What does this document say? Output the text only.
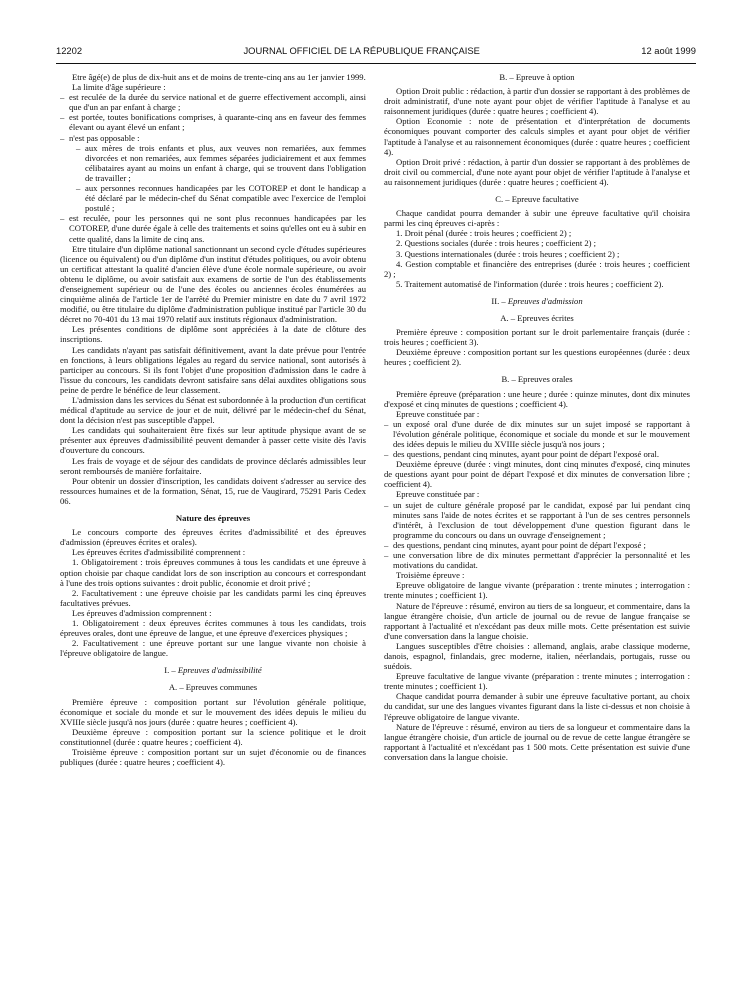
12202	JOURNAL OFFICIEL DE LA RÉPUBLIQUE FRANÇAISE	12 août 1999

Etre âgé(e) de plus de dix-huit ans et de moins de trente-cinq ans au 1er janvier 1999.

La limite d'âge supérieure :

– est reculée de la durée du service national et de guerre effectivement accompli, ainsi que d'un an par enfant à charge ;
– est portée, toutes bonifications comprises, à quarante-cinq ans en faveur des femmes élevant ou ayant élevé un enfant ;
– n'est pas opposable :
– aux mères de trois enfants et plus, aux veuves non remariées, aux femmes divorcées et non remariées, aux femmes séparées judiciairement et aux femmes célibataires ayant au moins un enfant à charge, qui se trouvent dans l'obligation de travailler ;
– aux personnes reconnues handicapées par les COTOREP et dont le handicap a été déclaré par le médecin-chef du Sénat compatible avec l'exercice de l'emploi postulé ;
– est reculée, pour les personnes qui ne sont plus reconnues handicapées par les COTOREP, d'une durée égale à celle des traitements et soins qu'elles ont eu à subir en cette qualité, dans la limite de cinq ans.

Etre titulaire d'un diplôme national sanctionnant un second cycle d'études supérieures (licence ou équivalent) ou d'un diplôme d'un institut d'études politiques, ou avoir obtenu un certificat attestant la qualité d'ancien élève d'une école normale supérieure, ou avoir obtenu le diplôme, ou avoir satisfait aux examens de sortie de l'un des établissements d'enseignement supérieur ou de l'une des écoles ou anciennes écoles énumérées au cinquième alinéa de l'article 1er de l'arrêté du Premier ministre en date du 7 avril 1972 modifié, ou être titulaire du diplôme d'administration publique institué par l'article 30 du décret no 70-401 du 13 mai 1970 relatif aux instituts régionaux d'administration.

Les présentes conditions de diplôme sont appréciées à la date de clôture des inscriptions.

Les candidats n'ayant pas satisfait définitivement, avant la date prévue pour l'entrée en fonctions, à leurs obligations légales au regard du service national, sont autorisés à participer au concours. Si ils font l'objet d'une proposition d'admission dans le cadre à l'issue du concours, les candidats devront satisfaire sans délai auxdites obligations sous peine de perdre le bénéfice de leur classement.

L'admission dans les services du Sénat est subordonnée à la production d'un certificat médical d'aptitude au service de jour et de nuit, délivré par le médecin-chef du Sénat, dont la décision n'est pas susceptible d'appel.

Les candidats qui souhaiteraient être fixés sur leur aptitude physique avant de se présenter aux épreuves d'admissibilité peuvent demander à passer cette visite dès l'avis d'ouverture du concours.

Les frais de voyage et de séjour des candidats de province déclarés admissibles leur seront remboursés de manière forfaitaire.

Pour obtenir un dossier d'inscription, les candidats doivent s'adresser au service des ressources humaines et de la formation, Sénat, 15, rue de Vaugirard, 75291 Paris Cedex 06.

Nature des épreuves

Le concours comporte des épreuves écrites d'admissibilité et des épreuves d'admission (épreuves écrites et orales).

Les épreuves écrites d'admissibilité comprennent :

1. Obligatoirement : trois épreuves communes à tous les candidats et une épreuve à option choisie par chaque candidat lors de son inscription au concours et correspondant à l'une des trois options suivantes : droit public, économie et droit privé ;

2. Facultativement : une épreuve choisie par les candidats parmi les cinq épreuves facultatives prévues.

Les épreuves d'admission comprennent :

1. Obligatoirement : deux épreuves écrites communes à tous les candidats, trois épreuves orales, dont une épreuve de langue, et une épreuve d'exercices physiques ;

2. Facultativement : une épreuve portant sur une langue vivante non choisie à l'épreuve obligatoire de langue.

I. – Epreuves d'admissibilité
A. – Epreuves communes

Première épreuve : composition portant sur l'évolution générale politique, économique et sociale du monde et sur le mouvement des idées depuis le milieu du XVIIIe siècle jusqu'à nos jours (durée : quatre heures ; coefficient 4).

Deuxième épreuve : composition portant sur la science politique et le droit constitutionnel (durée : quatre heures ; coefficient 4).

Troisième épreuve : composition portant sur un sujet d'économie ou de finances publiques (durée : quatre heures ; coefficient 4).

B. – Epreuve à option

Option Droit public : rédaction, à partir d'un dossier se rapportant à des problèmes de droit administratif, d'une note ayant pour objet de vérifier l'aptitude à l'analyse et au raisonnement juridiques (durée : quatre heures ; coefficient 4).

Option Economie : note de présentation et d'interprétation de documents économiques pouvant comporter des calculs simples et ayant pour objet de vérifier l'aptitude à l'analyse et au raisonnement économiques (durée : quatre heures ; coefficient 4).

Option Droit privé : rédaction, à partir d'un dossier se rapportant à des problèmes de droit civil ou commercial, d'une note ayant pour objet de vérifier l'aptitude à l'analyse et au raisonnement juridiques (durée : quatre heures ; coefficient 4).

C. – Epreuve facultative

Chaque candidat pourra demander à subir une épreuve facultative qu'il choisira parmi les cinq épreuves ci-après :

1. Droit pénal (durée : trois heures ; coefficient 2) ;

2. Questions sociales (durée : trois heures ; coefficient 2) ;

3. Questions internationales (durée : trois heures ; coefficient 2) ;

4. Gestion comptable et financière des entreprises (durée : trois heures ; coefficient 2) ;

5. Traitement automatisé de l'information (durée : trois heures ; coefficient 2).

II. – Epreuves d'admission
A. – Epreuves écrites

Première épreuve : composition portant sur le droit parlementaire français (durée : trois heures ; coefficient 3).

Deuxième épreuve : composition portant sur les questions européennes (durée : deux heures ; coefficient 2).

B. – Epreuves orales

Première épreuve (préparation : une heure ; durée : quinze minutes, dont dix minutes d'exposé et cinq minutes de questions ; coefficient 4).

Epreuve constituée par :

– un exposé oral d'une durée de dix minutes sur un sujet imposé se rapportant à l'évolution générale politique, économique et sociale du monde et sur le mouvement des idées depuis le milieu du XVIIIe siècle jusqu'à nos jours ;
– des questions, pendant cinq minutes, ayant pour point de départ l'exposé oral.

Deuxième épreuve (durée : vingt minutes, dont cinq minutes d'exposé, cinq minutes de questions ayant pour point de départ l'exposé et dix minutes de conversation libre ; coefficient 4).

Epreuve constituée par :

– un sujet de culture générale proposé par le candidat, exposé par lui pendant cinq minutes sans l'aide de notes écrites et se rapportant à l'un de ses centres personnels d'intérêt, à l'exclusion de tout développement d'une question figurant dans le programme du concours ou dans un ouvrage d'enseignement ;
– des questions, pendant cinq minutes, ayant pour point de départ l'exposé ;
– une conversation libre de dix minutes permettant d'apprécier la personnalité et les motivations du candidat.

Troisième épreuve :

Epreuve obligatoire de langue vivante (préparation : trente minutes ; interrogation : trente minutes ; coefficient 1).

Nature de l'épreuve : résumé, environ au tiers de sa longueur, et commentaire, dans la langue étrangère choisie, d'un article de journal ou de revue de langue française se rapportant à l'actualité et n'excédant pas deux mille mots. Cette présentation est suivie d'une conversation dans la langue choisie.

Langues susceptibles d'être choisies : allemand, anglais, arabe classique moderne, danois, espagnol, finlandais, grec moderne, italien, néerlandais, portugais, russe ou suédois.

Epreuve facultative de langue vivante (préparation : trente minutes ; interrogation : trente minutes ; coefficient 1).

Chaque candidat pourra demander à subir une épreuve facultative portant, au choix du candidat, sur une des langues vivantes figurant dans la liste ci-dessus et non choisie à l'épreuve obligatoire de langue vivante.

Nature de l'épreuve : résumé, environ au tiers de sa longueur et commentaire dans la langue étrangère choisie, d'un article de journal ou de revue de cette langue étrangère se rapportant à l'actualité et n'excédant pas 1 500 mots. Cette présentation est suivie d'une conversation dans la langue choisie.
